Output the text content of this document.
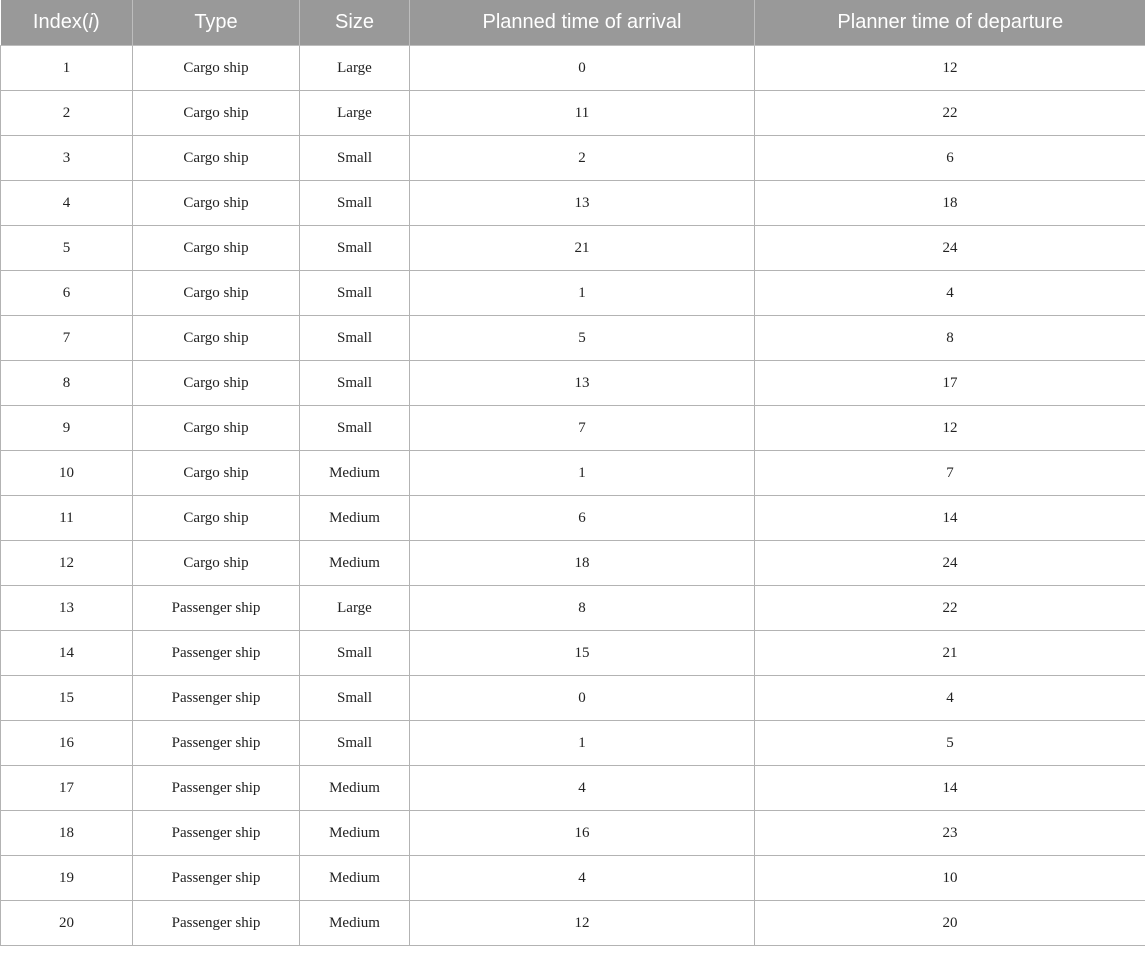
Index(i)	Type	Size	Planned time of arrival	Planner time of departure
1	Cargo ship	Large	0	12
2	Cargo ship	Large	11	22
3	Cargo ship	Small	2	6
4	Cargo ship	Small	13	18
5	Cargo ship	Small	21	24
6	Cargo ship	Small	1	4
7	Cargo ship	Small	5	8
8	Cargo ship	Small	13	17
9	Cargo ship	Small	7	12
10	Cargo ship	Medium	1	7
11	Cargo ship	Medium	6	14
12	Cargo ship	Medium	18	24
13	Passenger ship	Large	8	22
14	Passenger ship	Small	15	21
15	Passenger ship	Small	0	4
16	Passenger ship	Small	1	5
17	Passenger ship	Medium	4	14
18	Passenger ship	Medium	16	23
19	Passenger ship	Medium	4	10
20	Passenger ship	Medium	12	20
